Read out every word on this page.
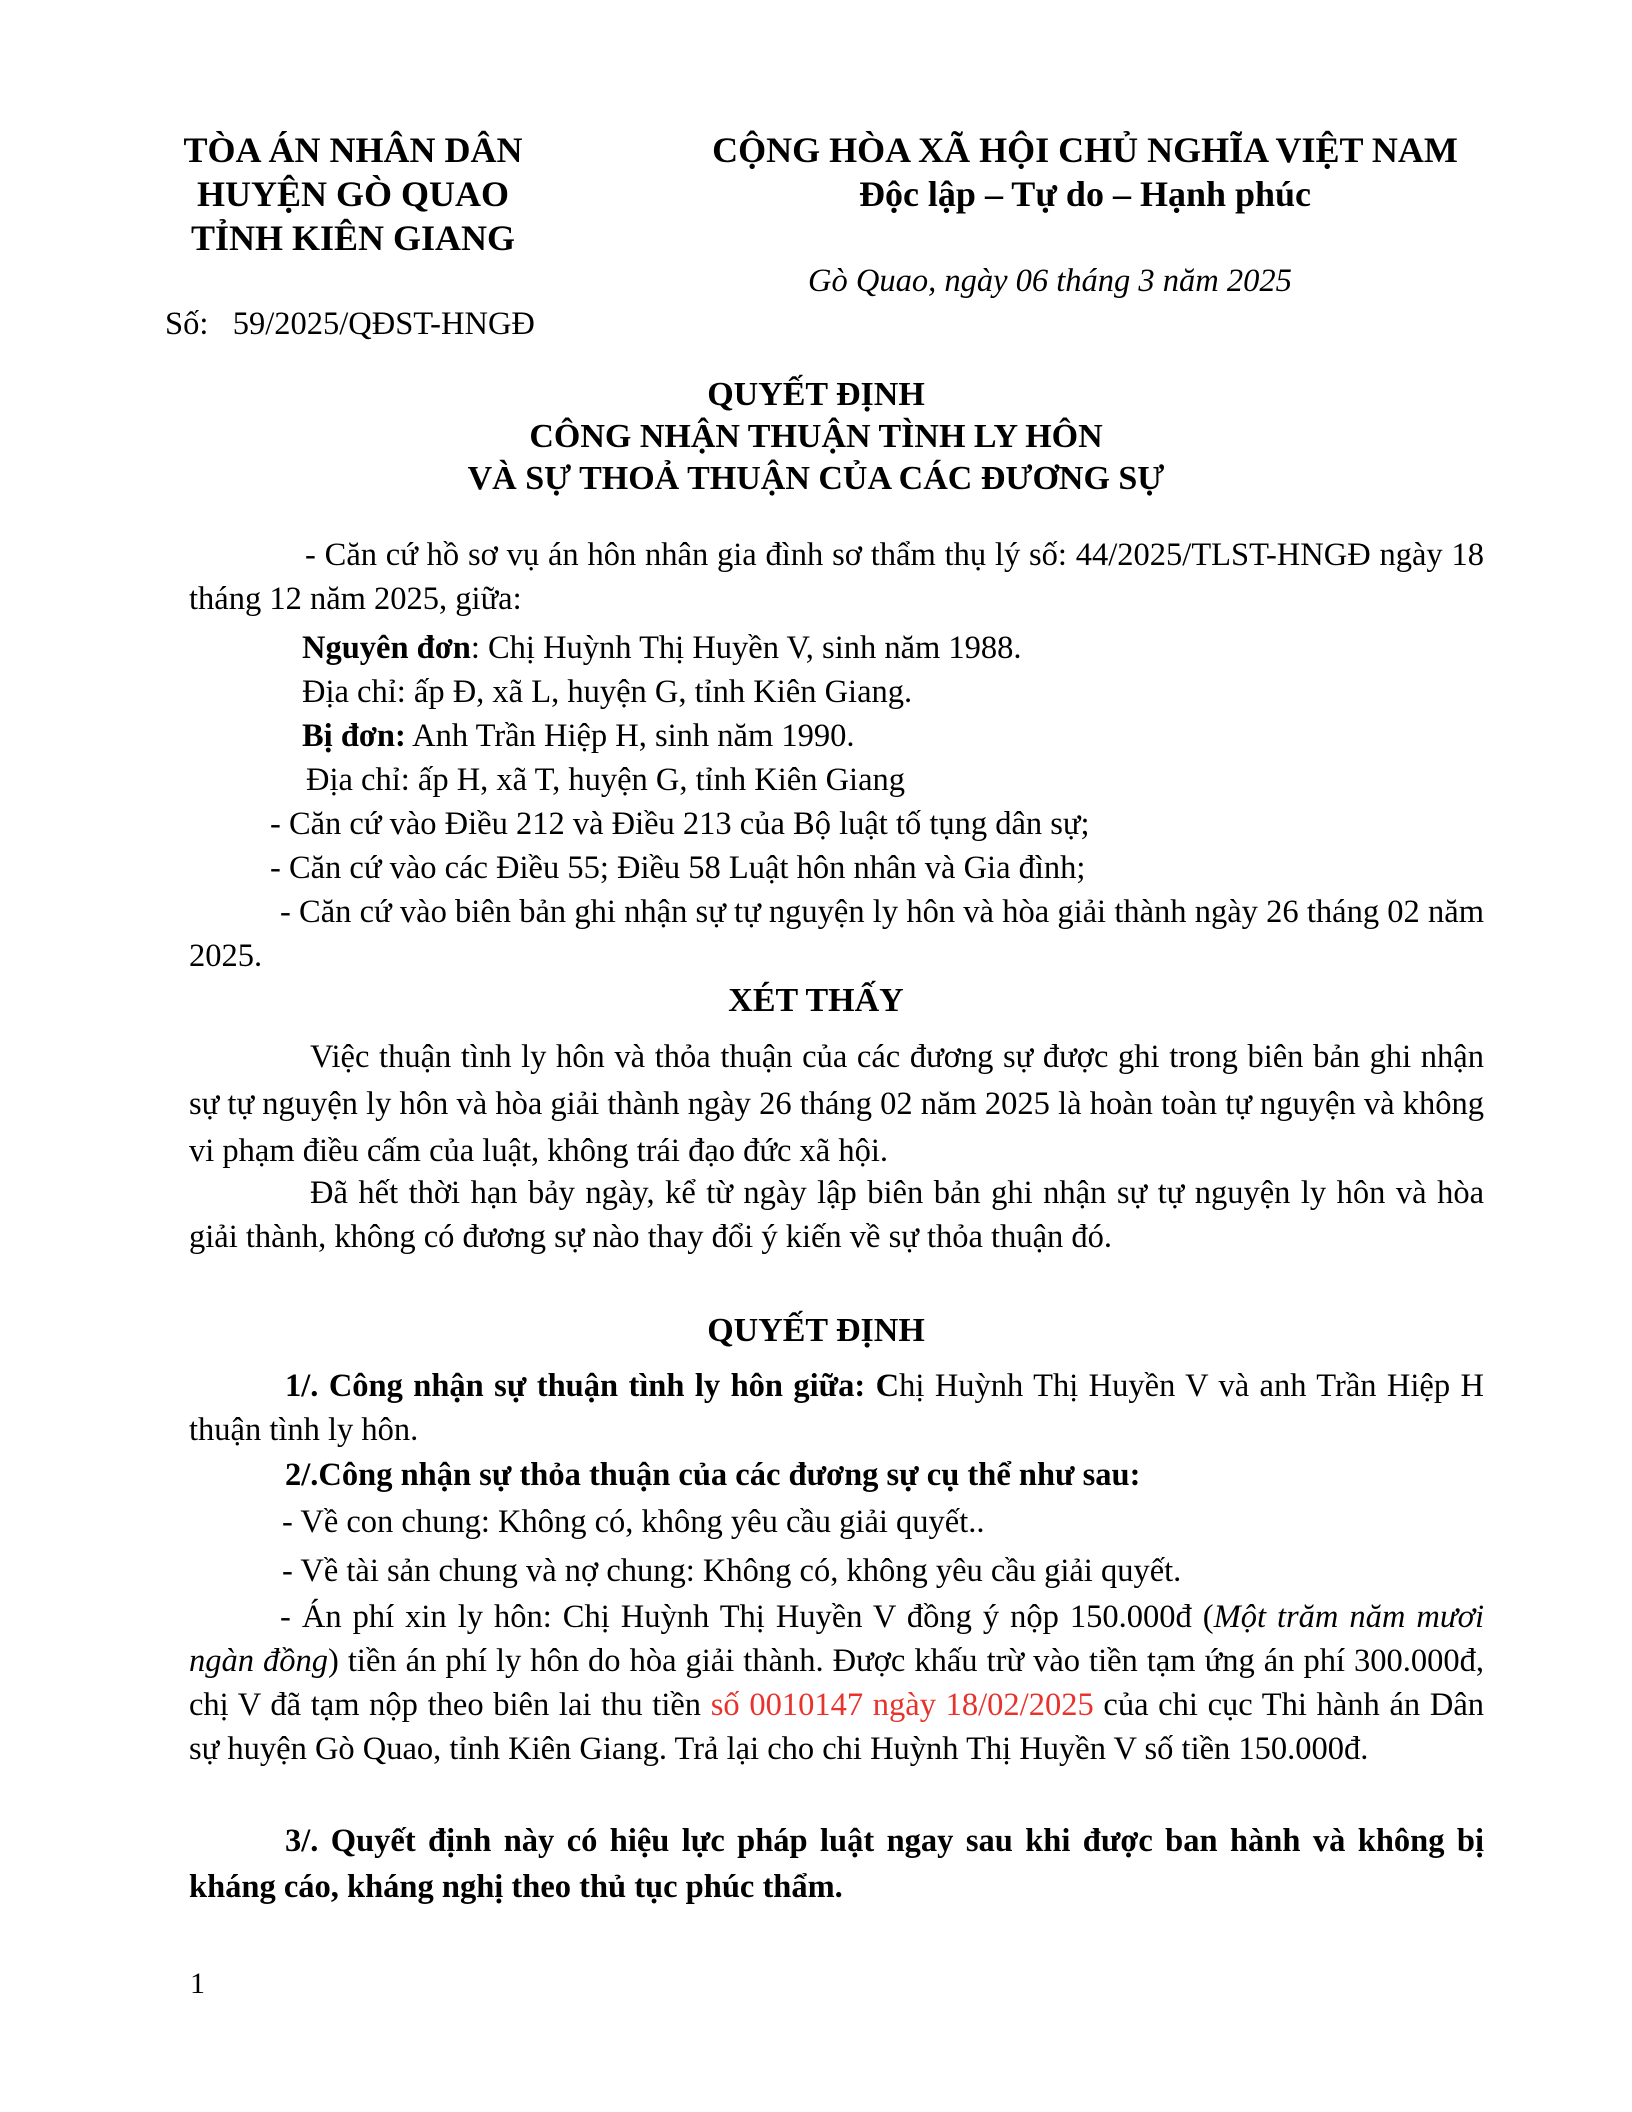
TÒA ÁN NHÂN DÂN
HUYỆN GÒ QUAO
TỈNH KIÊN GIANG
Số: 59/2025/QĐST-HNGĐ
CỘNG HÒA XÃ HỘI CHỦ NGHĨA VIỆT NAM
Độc lập – Tự do – Hạnh phúc
Gò Quao, ngày 06 tháng 3 năm 2025
QUYẾT ĐỊNH
CÔNG NHẬN THUẬN TÌNH LY HÔN
VÀ SỰ THOẢ THUẬN CỦA CÁC ĐƯƠNG SỰ
- Căn cứ hồ sơ vụ án hôn nhân gia đình sơ thẩm thụ lý số: 44/2025/TLST-HNGĐ ngày 18 tháng 12 năm 2025, giữa:
Nguyên đơn: Chị Huỳnh Thị Huyền V, sinh năm 1988.
Địa chỉ: ấp Đ, xã L, huyện G, tỉnh Kiên Giang.
Bị đơn: Anh Trần Hiệp H, sinh năm 1990.
Địa chỉ: ấp H, xã T, huyện G, tỉnh Kiên Giang
- Căn cứ vào Điều 212 và Điều 213 của Bộ luật tố tụng dân sự;
- Căn cứ vào các Điều 55; Điều 58 Luật hôn nhân và Gia đình;
- Căn cứ vào biên bản ghi nhận sự tự nguyện ly hôn và hòa giải thành ngày 26 tháng 02 năm 2025.
XÉT THẤY
Việc thuận tình ly hôn và thỏa thuận của các đương sự được ghi trong biên bản ghi nhận sự tự nguyện ly hôn và hòa giải thành ngày 26 tháng 02 năm 2025 là hoàn toàn tự nguyện và không vi phạm điều cấm của luật, không trái đạo đức xã hội.
Đã hết thời hạn bảy ngày, kể từ ngày lập biên bản ghi nhận sự tự nguyện ly hôn và hòa giải thành, không có đương sự nào thay đổi ý kiến về sự thỏa thuận đó.
QUYẾT ĐỊNH
1/. Công nhận sự thuận tình ly hôn giữa: Chị Huỳnh Thị Huyền V và anh Trần Hiệp H thuận tình ly hôn.
2/.Công nhận sự thỏa thuận của các đương sự cụ thể như sau:
- Về con chung: Không có, không yêu cầu giải quyết..
- Về tài sản chung và nợ chung: Không có, không yêu cầu giải quyết.
- Án phí xin ly hôn: Chị Huỳnh Thị Huyền V đồng ý nộp 150.000đ (Một trăm năm mươi ngàn đồng) tiền án phí ly hôn do hòa giải thành. Được khấu trừ vào tiền tạm ứng án phí 300.000đ, chị V đã tạm nộp theo biên lai thu tiền số 0010147 ngày 18/02/2025 của chi cục Thi hành án Dân sự huyện Gò Quao, tỉnh Kiên Giang. Trả lại cho chi Huỳnh Thị Huyền V số tiền 150.000đ.
3/. Quyết định này có hiệu lực pháp luật ngay sau khi được ban hành và không bị kháng cáo, kháng nghị theo thủ tục phúc thẩm.
1
